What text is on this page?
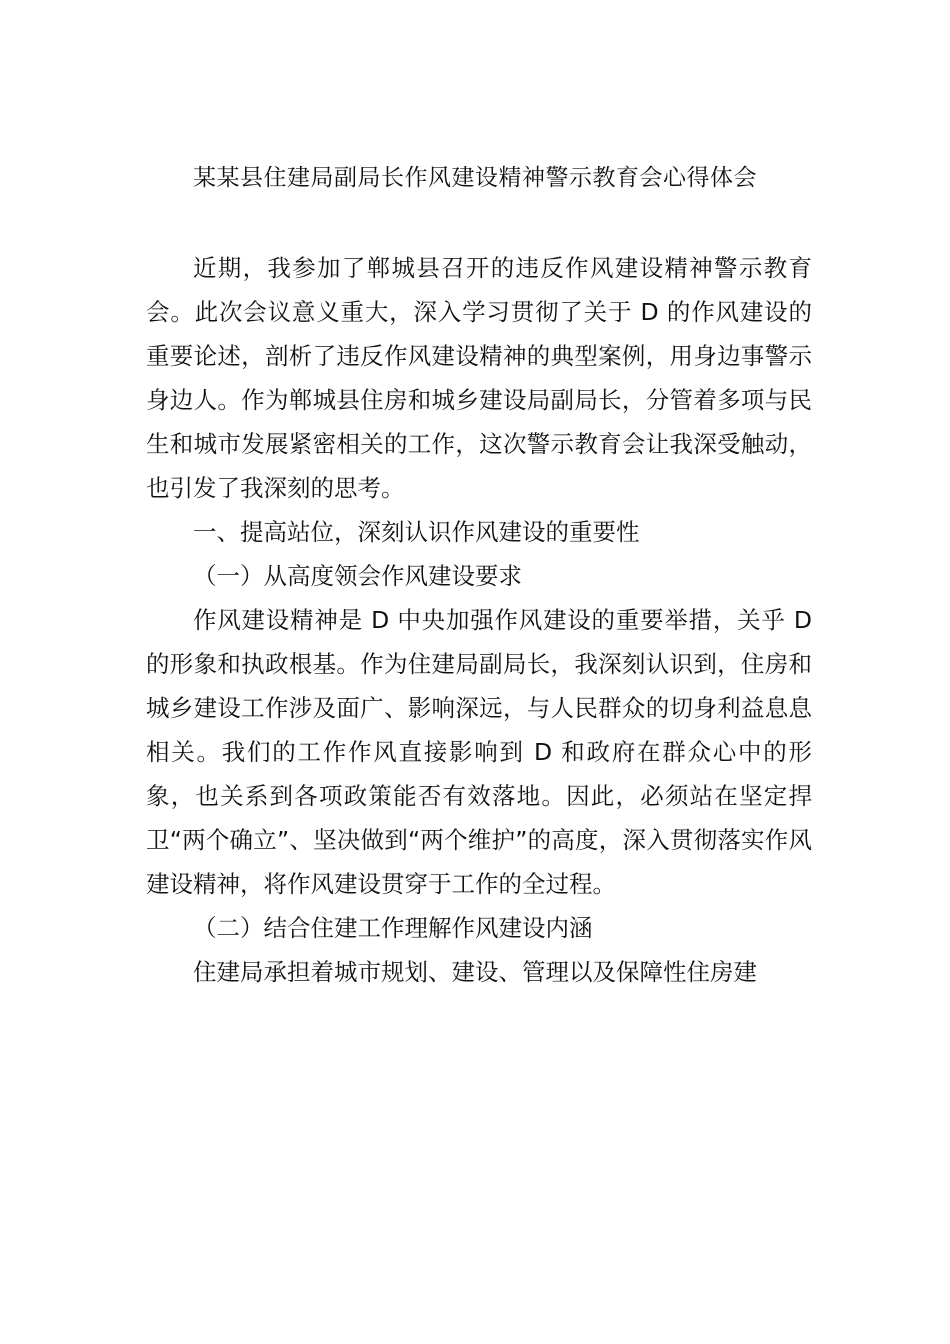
某某县住建局副局长作风建设精神警示教育会心得体会

近期，我参加了郸城县召开的违反作风建设精神警示教育会。此次会议意义重大，深入学习贯彻了关于 D 的作风建设的重要论述，剖析了违反作风建设精神的典型案例，用身边事警示身边人。作为郸城县住房和城乡建设局副局长，分管着多项与民生和城市发展紧密相关的工作，这次警示教育会让我深受触动，也引发了我深刻的思考。

一、提高站位，深刻认识作风建设的重要性

（一）从高度领会作风建设要求

作风建设精神是 D 中央加强作风建设的重要举措，关乎 D 的形象和执政根基。作为住建局副局长，我深刻认识到，住房和城乡建设工作涉及面广、影响深远，与人民群众的切身利益息息相关。我们的工作作风直接影响到 D 和政府在群众心中的形象，也关系到各项政策能否有效落地。因此，必须站在坚定捍卫“两个确立”、坚决做到“两个维护”的高度，深入贯彻落实作风建设精神，将作风建设贯穿于工作的全过程。

（二）结合住建工作理解作风建设内涵

住建局承担着城市规划、建设、管理以及保障性住房建
